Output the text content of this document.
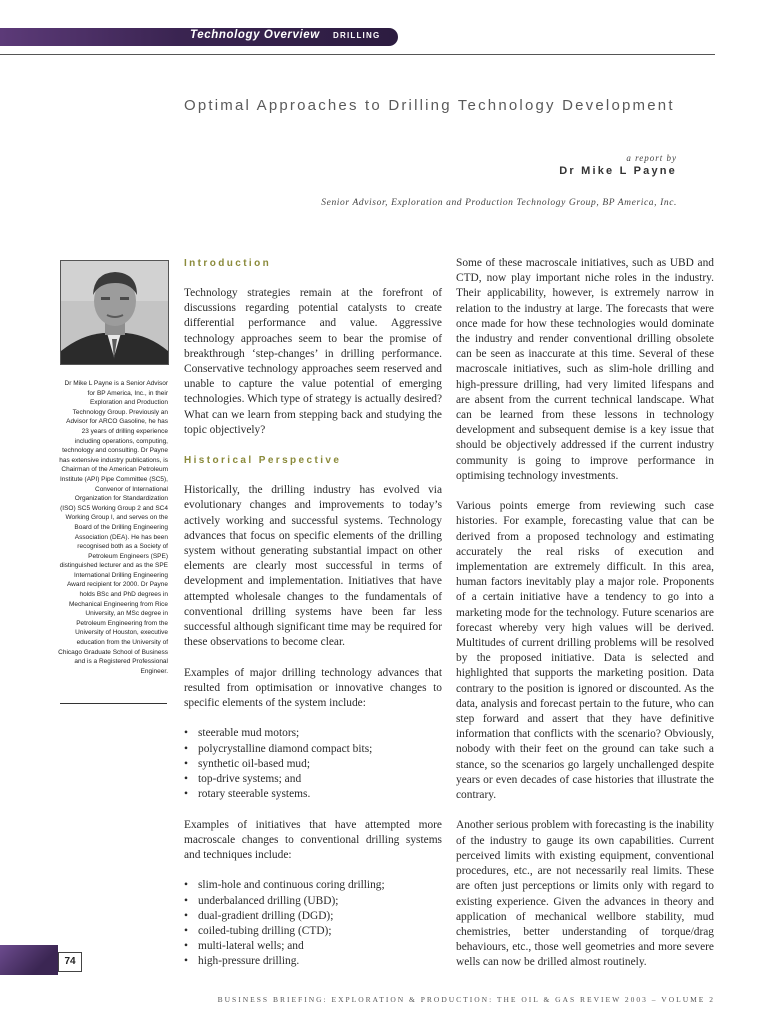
Technology Overview DRILLING
Optimal Approaches to Drilling Technology Development
a report by
Dr Mike L Payne
Senior Advisor, Exploration and Production Technology Group, BP America, Inc.

Dr Mike L Payne is a Senior Advisor for BP America, Inc., in their Exploration and Production Technology Group. Previously an Advisor for ARCO Gasoline, he has 23 years of drilling experience including operations, computing, technology and consulting. Dr Payne has extensive industry publications, is Chairman of the American Petroleum Institute (API) Pipe Committee (SC5), Convenor of International Organization for Standardization (ISO) SC5 Working Group 2 and SC4 Working Group I, and serves on the Board of the Drilling Engineering Association (DEA). He has been recognised both as a Society of Petroleum Engineers (SPE) distinguished lecturer and as the SPE International Drilling Engineering Award recipient for 2000. Dr Payne holds BSc and PhD degrees in Mechanical Engineering from Rice University, an MSc degree in Petroleum Engineering from the University of Houston, executive education from the University of Chicago Graduate School of Business and is a Registered Professional Engineer.

Introduction

Technology strategies remain at the forefront of discussions regarding potential catalysts to create differential performance and value. Aggressive technology approaches seem to bear the promise of breakthrough ‘step-changes’ in drilling performance. Conservative technology approaches seem reserved and unable to capture the value potential of emerging technologies. Which type of strategy is actually desired? What can we learn from stepping back and studying the topic objectively?

Historical Perspective

Historically, the drilling industry has evolved via evolutionary changes and improvements to today’s actively working and successful systems. Technology advances that focus on specific elements of the drilling system without generating substantial impact on other elements are clearly most successful in terms of development and implementation. Initiatives that have attempted wholesale changes to the fundamentals of conventional drilling systems have been far less successful although significant time may be required for these observations to become clear.

Examples of major drilling technology advances that resulted from optimisation or innovative changes to specific elements of the system include:

• steerable mud motors;
• polycrystalline diamond compact bits;
• synthetic oil-based mud;
• top-drive systems; and
• rotary steerable systems.

Examples of initiatives that have attempted more macroscale changes to conventional drilling systems and techniques include:

• slim-hole and continuous coring drilling;
• underbalanced drilling (UBD);
• dual-gradient drilling (DGD);
• coiled-tubing drilling (CTD);
• multi-lateral wells; and
• high-pressure drilling.

Some of these macroscale initiatives, such as UBD and CTD, now play important niche roles in the industry. Their applicability, however, is extremely narrow in relation to the industry at large. The forecasts that were once made for how these technologies would dominate the industry and render conventional drilling obsolete can be seen as inaccurate at this time. Several of these macroscale initiatives, such as slim-hole drilling and high-pressure drilling, had very limited lifespans and are absent from the current technical landscape. What can be learned from these lessons in technology development and subsequent demise is a key issue that should be objectively addressed if the current industry community is going to improve performance in optimising technology investments.

Various points emerge from reviewing such case histories. For example, forecasting value that can be derived from a proposed technology and estimating accurately the real risks of execution and implementation are extremely difficult. In this area, human factors inevitably play a major role. Proponents of a certain initiative have a tendency to go into a marketing mode for the technology. Future scenarios are forecast whereby very high values will be derived. Multitudes of current drilling problems will be resolved by the proposed initiative. Data is selected and highlighted that supports the marketing position. Data contrary to the position is ignored or discounted. As the data, analysis and forecast pertain to the future, who can step forward and assert that they have definitive information that conflicts with the scenario? Obviously, nobody with their feet on the ground can take such a stance, so the scenarios go largely unchallenged despite years or even decades of case histories that illustrate the contrary.

Another serious problem with forecasting is the inability of the industry to gauge its own capabilities. Current perceived limits with existing equipment, conventional procedures, etc., are not necessarily real limits. These are often just perceptions or limits only with regard to existing experience. Given the advances in theory and application of mechanical wellbore stability, mud chemistries, better understanding of torque/drag behaviours, etc., those well geometries and more severe wells can now be drilled almost routinely.

74
BUSINESS BRIEFING: EXPLORATION & PRODUCTION: THE OIL & GAS REVIEW 2003 – VOLUME 2
